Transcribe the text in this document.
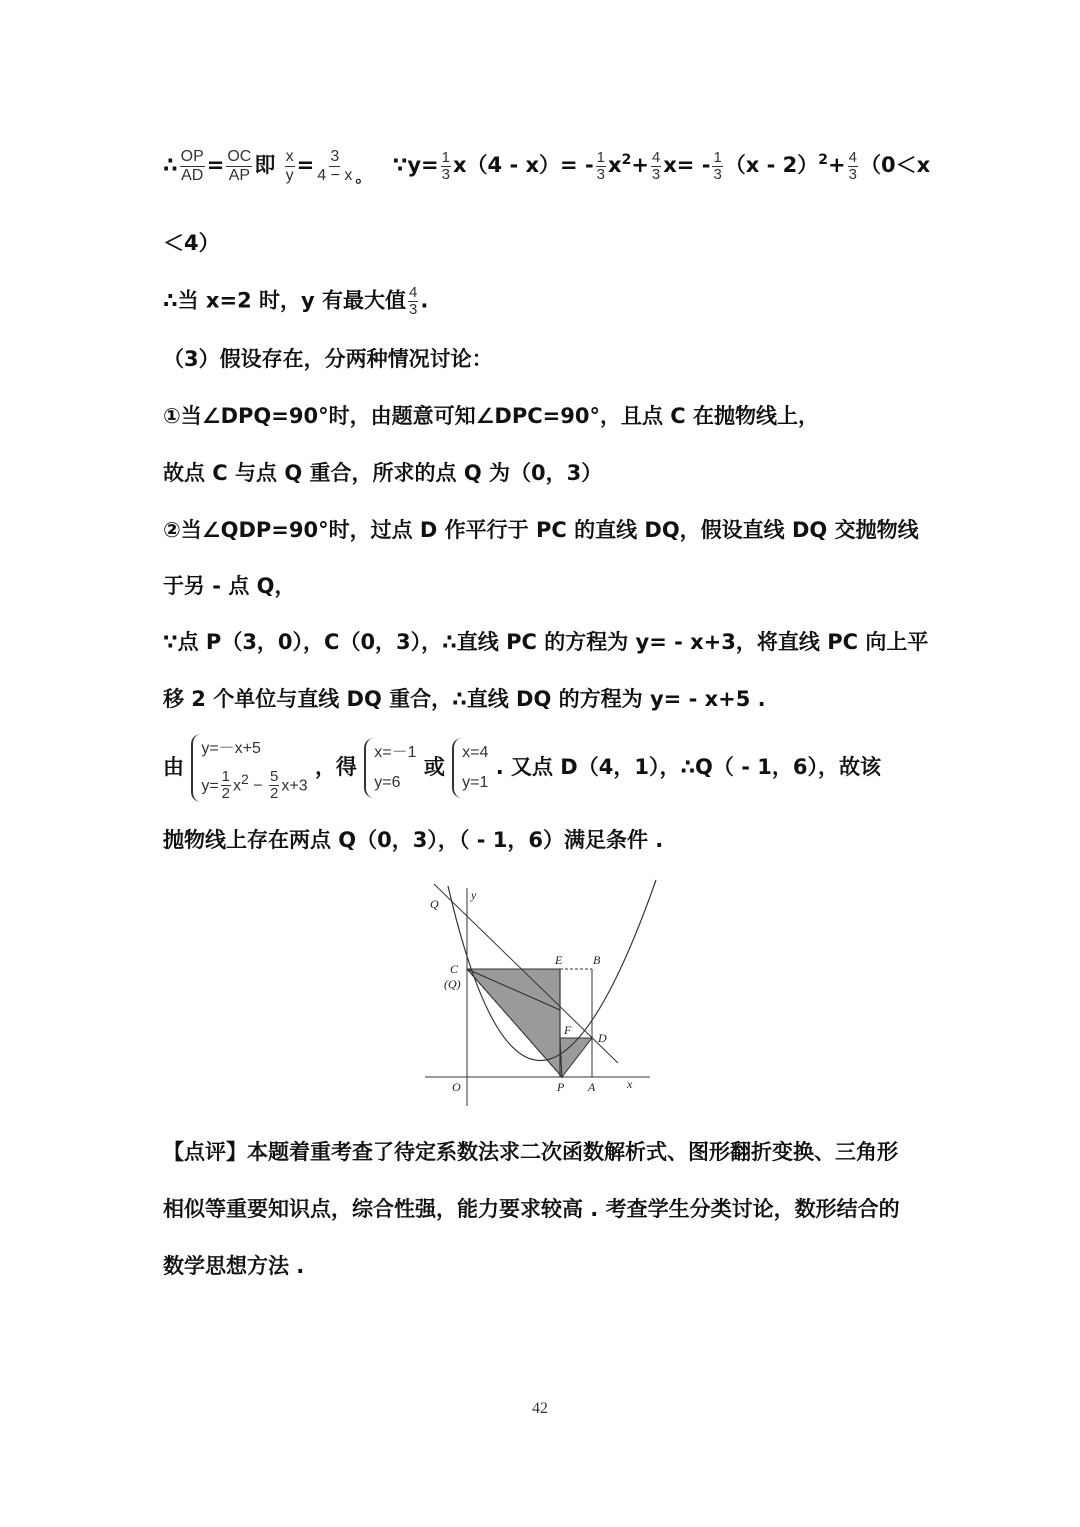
∴ $\frac{OP}{AD} = \frac{OC}{AP}$ 即 $\frac{x}{y} = \frac{3}{4 - x} _。$ ∵y= $\frac{1}{3} x(4 - x)= - \frac{1}{3} x^2+ \frac{4}{3} x= - \frac{1}{3} (x - 2)^2+ \frac{4}{3} (0<x$
＜4）
∴当 x=2 时，y 有最大值 $\frac{4}{3}$ .
（3）假设存在，分两种情况讨论：
①当∠DPQ=90°时，由题意可知∠DPC=90°，且点 C 在抛物线上，
故点 C 与点 Q 重合，所求的点 Q 为（0，3）
②当∠QDP=90°时，过点 D 作平行于 PC 的直线 DQ，假设直线 DQ 交抛物线
于另 - 点 Q，
∵点 P（3，0），C（0，3），∴直线 PC 的方程为 y= - x+3，将直线 PC 向上平
移 2 个单位与直线 DQ 重合，∴直线 DQ 的方程为 y= - x+5 .
由
y=－x+5
$y= \frac{1}{2} x^2 - \frac{5}{2} x+3$
，得
x=－1
y=6
或
x=4
y=1
. 又点 D（4，1），∴Q（ - 1，6），故该
抛物线上存在两点 Q（0，3），（ - 1，6）满足条件 .
Q
y
C
(Q)
E	B
F
D
O	P A	x
【点评】本题着重考查了待定系数法求二次函数解析式、图形翻折变换、三角形
相似等重要知识点，综合性强，能力要求较高 . 考查学生分类讨论，数形结合的
数学思想方法 .
42
